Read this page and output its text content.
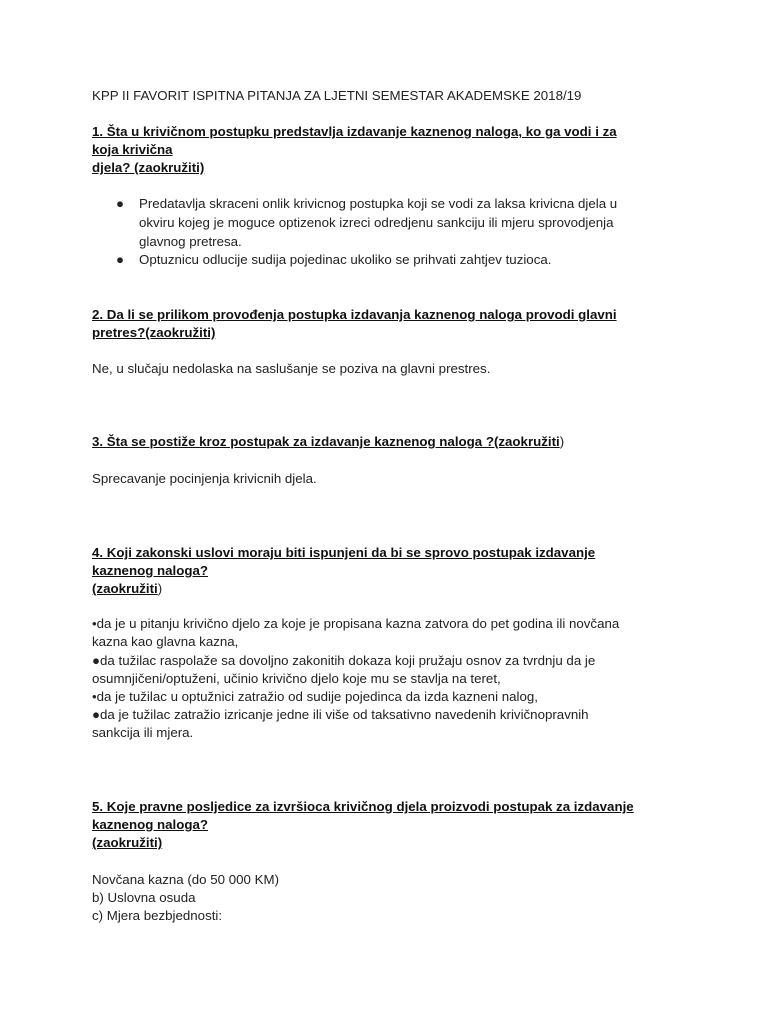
KPP II FAVORIT ISPITNA PITANJA ZA LJETNI SEMESTAR AKADEMSKE 2018/19
1. Šta u krivičnom postupku predstavlja izdavanje kaznenog naloga, ko ga vodi i za
koja krivična
djela? (zaokružiti)
● Predatavlja skraceni onlik krivicnog postupka koji se vodi za laksa krivicna djela u
okviru kojeg je moguce optizenok izreci odredjenu sankciju ili mjeru sprovodjenja
glavnog pretresa.
● Optuznicu odlucije sudija pojedinac ukoliko se prihvati zahtjev tuzioca.
2. Da li se prilikom provođenja postupka izdavanja kaznenog naloga provodi glavni
pretres?(zaokružiti)
Ne, u slučaju nedolaska na saslušanje se poziva na glavni prestres.
3. Šta se postiže kroz postupak za izdavanje kaznenog naloga ?(zaokružiti)
Sprecavanje pocinjenja krivicnih djela.
4. Koji zakonski uslovi moraju biti ispunjeni da bi se sprovo postupak izdavanje
kaznenog naloga?
(zaokružiti)
•da je u pitanju krivično djelo za koje je propisana kazna zatvora do pet godina ili novčana
kazna kao glavna kazna,
●da tužilac raspolaže sa dovoljno zakonitih dokaza koji pružaju osnov za tvrdnju da je
osumnjičeni/optuženi, učinio krivično djelo koje mu se stavlja na teret,
•da je tužilac u optužnici zatražio od sudije pojedinca da izda kazneni nalog,
●da je tužilac zatražio izricanje jedne ili više od taksativno navedenih krivičnopravnih
sankcija ili mjera.
5. Koje pravne posljedice za izvršioca krivičnog djela proizvodi postupak za izdavanje
kaznenog naloga?
(zaokružiti)
Novčana kazna (do 50 000 KM)
b) Uslovna osuda
c) Mjera bezbjednosti:
